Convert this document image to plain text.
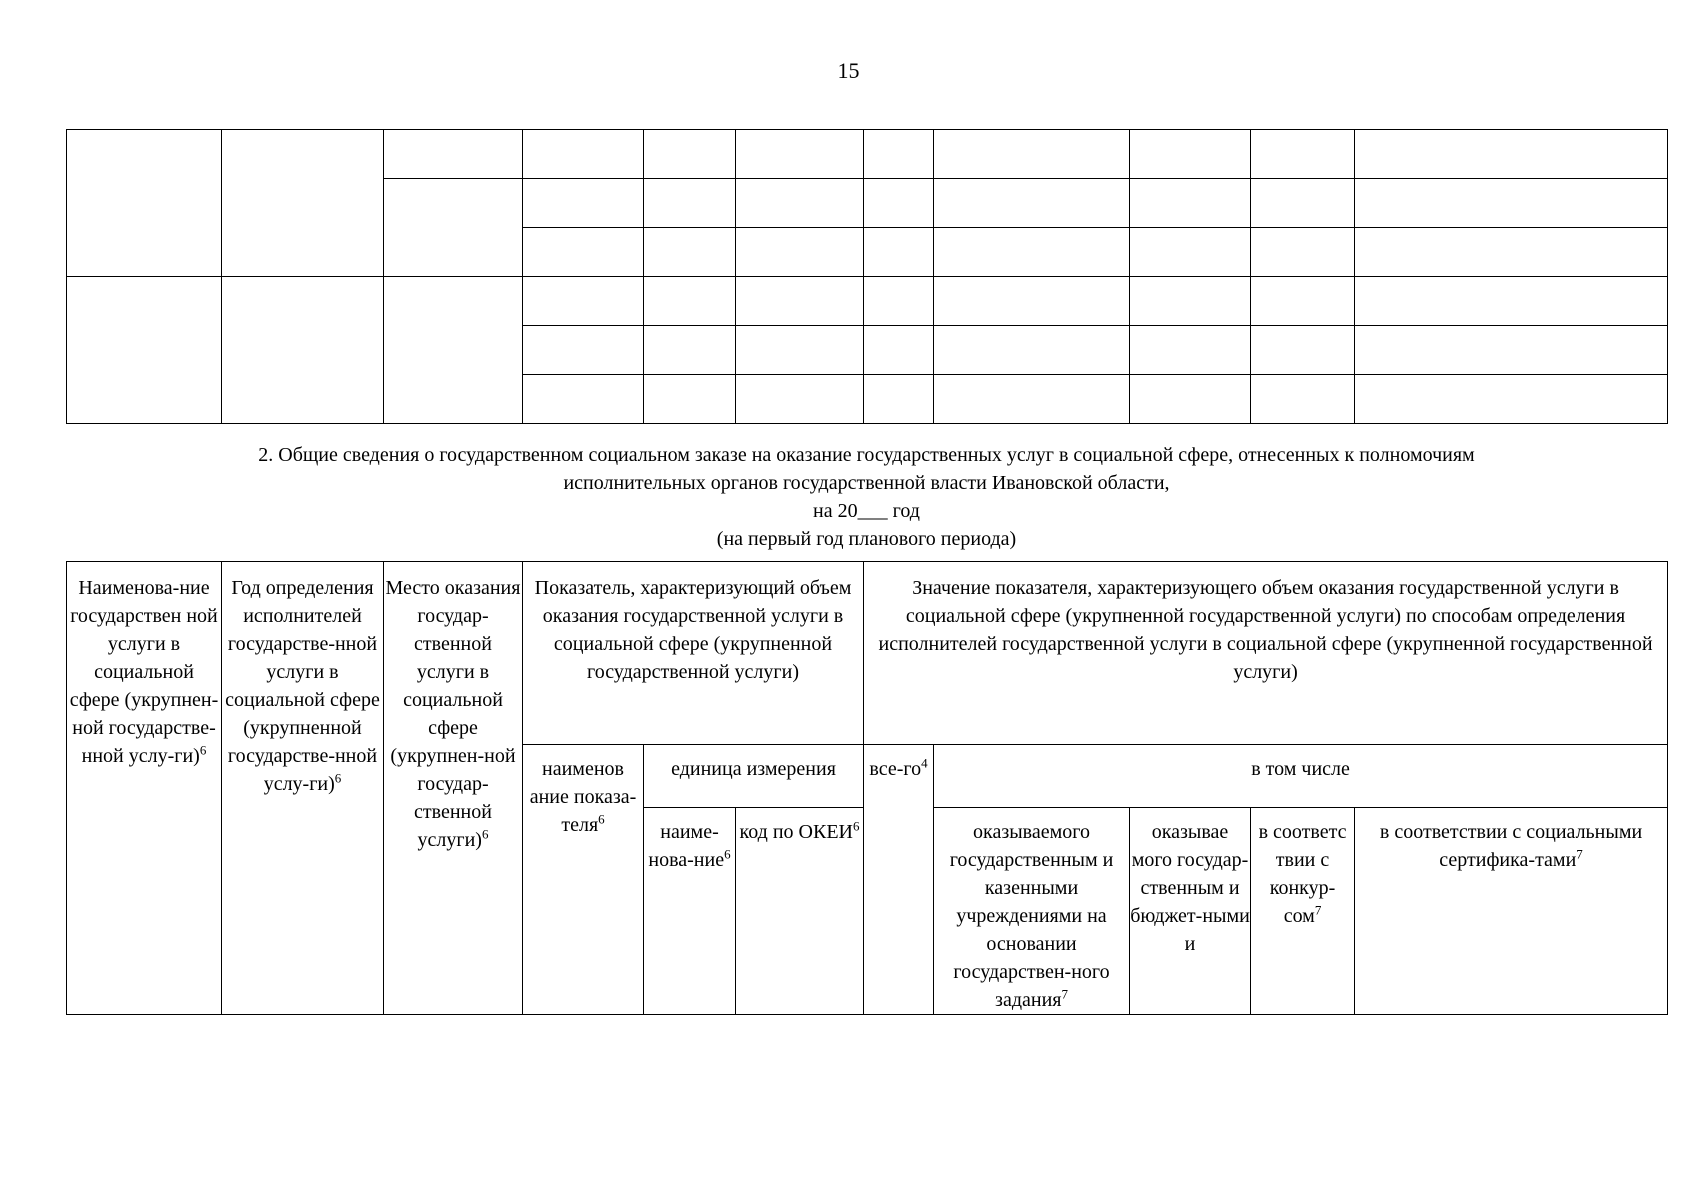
15

2. Общие сведения о государственном социальном заказе на оказание государственных услуг в социальной сфере, отнесенных к полномочиям
исполнительных органов государственной власти Ивановской области,
на 20___ год
(на первый год планового периода)
Наименова-ние государствен ной услуги в социальной сфере (укрупнен-ной государстве-нной услу-ги)$^6$	Год определения исполнителей государстве-нной услуги в социальной сфере (укрупненной государстве-нной услу-ги)$^6$	Место оказания государ-ственной услуги в социальной сфере (укрупнен-ной государ-ственной услуги)$^6$	Показатель, характеризующий объем оказания государственной услуги в социальной сфере (укрупненной государственной услуги)			Значение показателя, характеризующего объем оказания государственной услуги в социальной сфере (укрупненной государственной услуги) по способам определения исполнителей государственной услуги в социальной сфере (укрупненной государственной услуги)				
			наименов ание показа-теля$^6$	единица измерения		все-$го^4$	в том числе			
				наиме-нова-ние$^6$	код по ОКЕИ$^6$		оказываемого государственным и казенными учреждениями на основании государствен-ного задания$^7$	оказывае мого государ-ственным и бюджет-ными и	в соответс твии с конкур-сом$^7$	в соответствии с социальными сертифика-тами$^7$
